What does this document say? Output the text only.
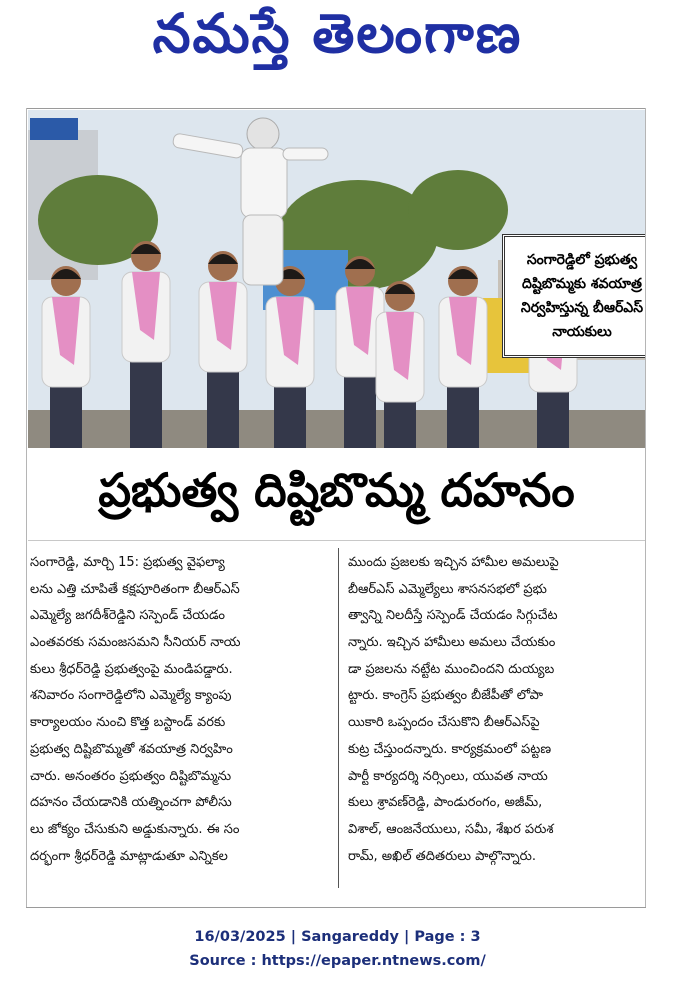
నమస్తే తెలంగాణ
సంగారెడ్డిలో ప్రభుత్వ దిష్టిబొమ్మకు శవయాత్ర నిర్వహిస్తున్న బీఆర్ఎస్ నాయకులు
ప్రభుత్వ దిష్టిబొమ్మ దహనం
సంగారెడ్డి, మార్చి 15: ప్రభుత్వ వైఫల్యా
లను ఎత్తి చూపితే కక్షపూరితంగా బీఆర్ఎస్
ఎమ్మెల్యే జగదీశ్‌రెడ్డిని సస్పెండ్ చేయడం
ఎంతవరకు సమంజసమని సీనియర్ నాయ
కులు శ్రీధర్‌రెడ్డి ప్రభుత్వంపై మండిపడ్డారు.
శనివారం సంగారెడ్డిలోని ఎమ్మెల్యే క్యాంపు
కార్యాలయం నుంచి కొత్త బస్టాండ్ వరకు
ప్రభుత్వ దిష్టిబొమ్మతో శవయాత్ర నిర్వహిం
చారు. అనంతరం ప్రభుత్వం దిష్టిబొమ్మను
దహనం చేయడానికి యత్నించగా పోలీసు
లు జోక్యం చేసుకుని అడ్డుకున్నారు. ఈ సం
దర్భంగా శ్రీధర్‌రెడ్డి మాట్లాడుతూ ఎన్నికల
ముందు ప్రజలకు ఇచ్చిన హామీల అమలుపై
బీఆర్ఎస్ ఎమ్మెల్యేలు శాసనసభలో ప్రభు
త్వాన్ని నిలదీస్తే సస్పెండ్ చేయడం సిగ్గుచేట
న్నారు. ఇచ్చిన హామీలు అమలు చేయకుం
డా ప్రజలను నట్టేట ముంచిందని దుయ్యబ
ట్టారు. కాంగ్రెస్ ప్రభుత్వం బీజేపీతో లోపా
యికారి ఒప్పందం చేసుకొని బీఆర్ఎస్‌పై
కుట్ర చేస్తుందన్నారు. కార్యక్రమంలో పట్టణ
పార్టీ కార్యదర్శి నర్సింలు, యువత నాయ
కులు శ్రావణ్‌రెడ్డి, పాండురంగం, అజీమ్,
విశాల్, ఆంజనేయులు, సమీ, శేఖర పరుశ
రామ్, అఖిల్ తదితరులు పాల్గొన్నారు.
16/03/2025 | Sangareddy | Page : 3
Source : https://epaper.ntnews.com/
